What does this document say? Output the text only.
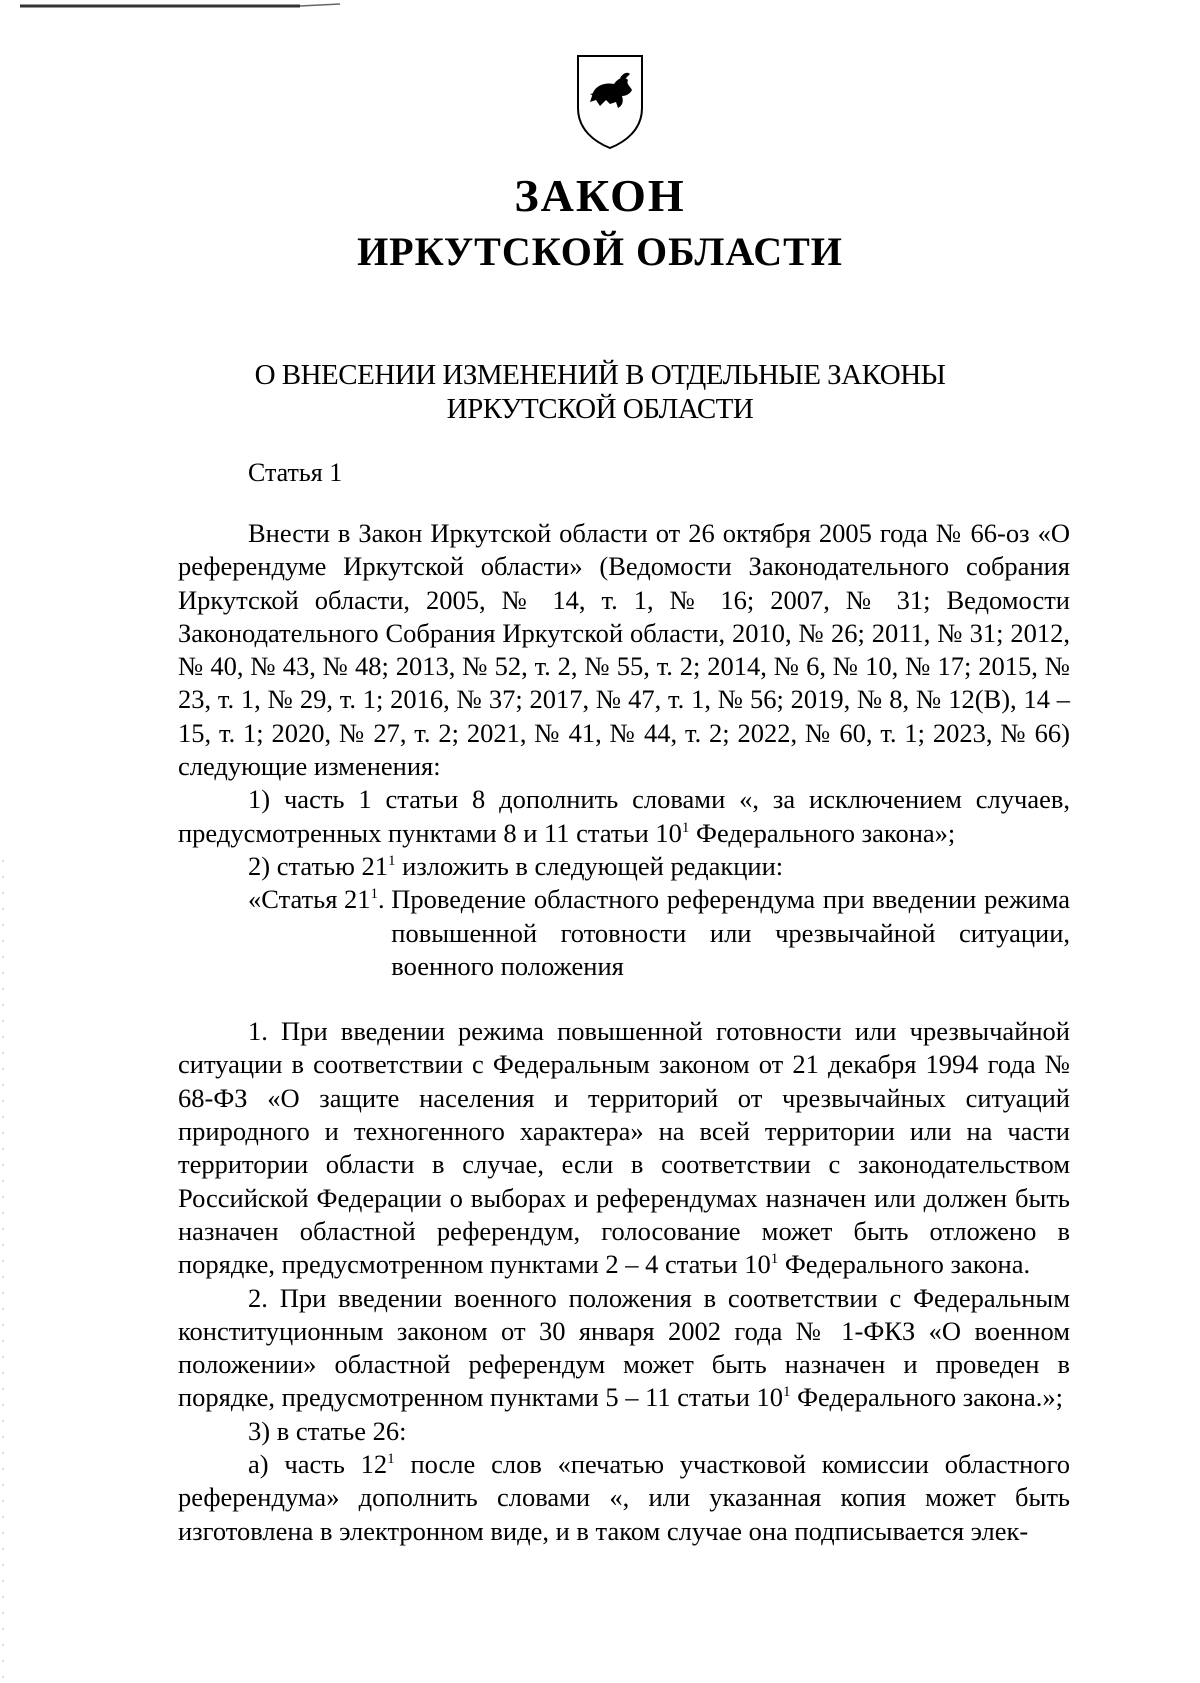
ЗАКОН
ИРКУТСКОЙ ОБЛАСТИ
О ВНЕСЕНИИ ИЗМЕНЕНИЙ В ОТДЕЛЬНЫЕ ЗАКОНЫ
ИРКУТСКОЙ ОБЛАСТИ
Статья 1

Внести в Закон Иркутской области от 26 октября 2005 года № 66-оз «О референдуме Иркутской области» (Ведомости Законодательного собрания Иркутской области, 2005, № 14, т. 1, № 16; 2007, № 31; Ведомости Законодательного Собрания Иркутской области, 2010, № 26; 2011, № 31; 2012, № 40, № 43, № 48; 2013, № 52, т. 2, № 55, т. 2; 2014, № 6, № 10, № 17; 2015, № 23, т. 1, № 29, т. 1; 2016, № 37; 2017, № 47, т. 1, № 56; 2019, № 8, № 12(В), 14 – 15, т. 1; 2020, № 27, т. 2; 2021, № 41, № 44, т. 2; 2022, № 60, т. 1; 2023, № 66) следующие изменения:

1) часть 1 статьи 8 дополнить словами «, за исключением случаев, предусмотренных пунктами 8 и 11 статьи $10^1$ Федерального закона»;

2) статью $21^1$ изложить в следующей редакции:

«Статья $21^1$. Проведение областного референдума при введении режима повышенной готовности или чрезвычайной ситуации, военного положения

1. При введении режима повышенной готовности или чрезвычайной ситуации в соответствии с Федеральным законом от 21 декабря 1994 года № 68-ФЗ «О защите населения и территорий от чрезвычайных ситуаций природного и техногенного характера» на всей территории или на части территории области в случае, если в соответствии с законодательством Российской Федерации о выборах и референдумах назначен или должен быть назначен областной референдум, голосование может быть отложено в порядке, предусмотренном пунктами 2 – 4 статьи $10^1$ Федерального закона.

2. При введении военного положения в соответствии с Федеральным конституционным законом от 30 января 2002 года № 1-ФКЗ «О военном положении» областной референдум может быть назначен и проведен в порядке, предусмотренном пунктами 5 – 11 статьи $10^1$ Федерального закона.»;

3) в статье 26:

а) часть $12^1$ после слов «печатью участковой комиссии областного референдума» дополнить словами «, или указанная копия может быть изготовлена в электронном виде, и в таком случае она подписывается элек-
